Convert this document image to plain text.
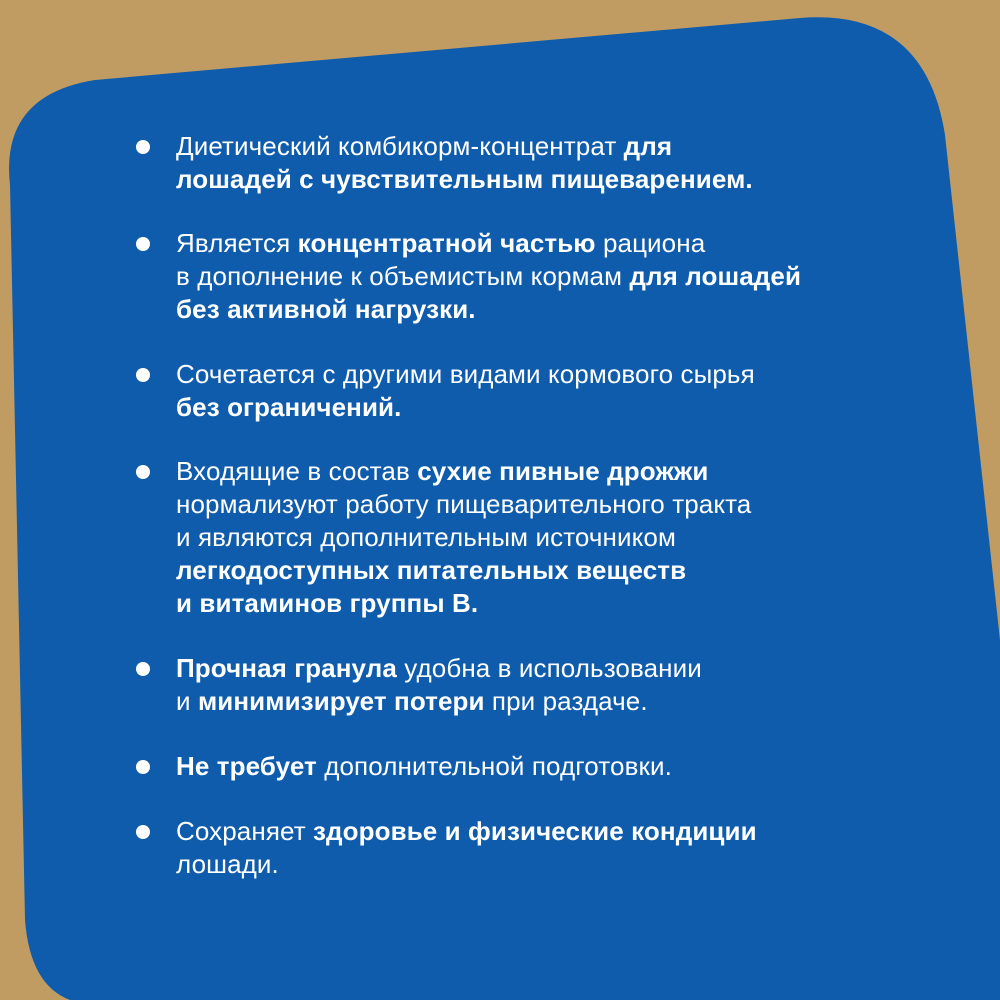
Диетический комбикорм-концентрат для
лошадей с чувствительным пищеварением.
Является концентратной частью рациона
в дополнение к объемистым кормам для лошадей
без активной нагрузки.
Сочетается с другими видами кормового сырья
без ограничений.
Входящие в состав сухие пивные дрожжи
нормализуют работу пищеварительного тракта
и являются дополнительным источником
легкодоступных питательных веществ
и витаминов группы В.
Прочная гранула удобна в использовании
и минимизирует потери при раздаче.
Не требует дополнительной подготовки.
Сохраняет здоровье и физические кондиции
лошади.
